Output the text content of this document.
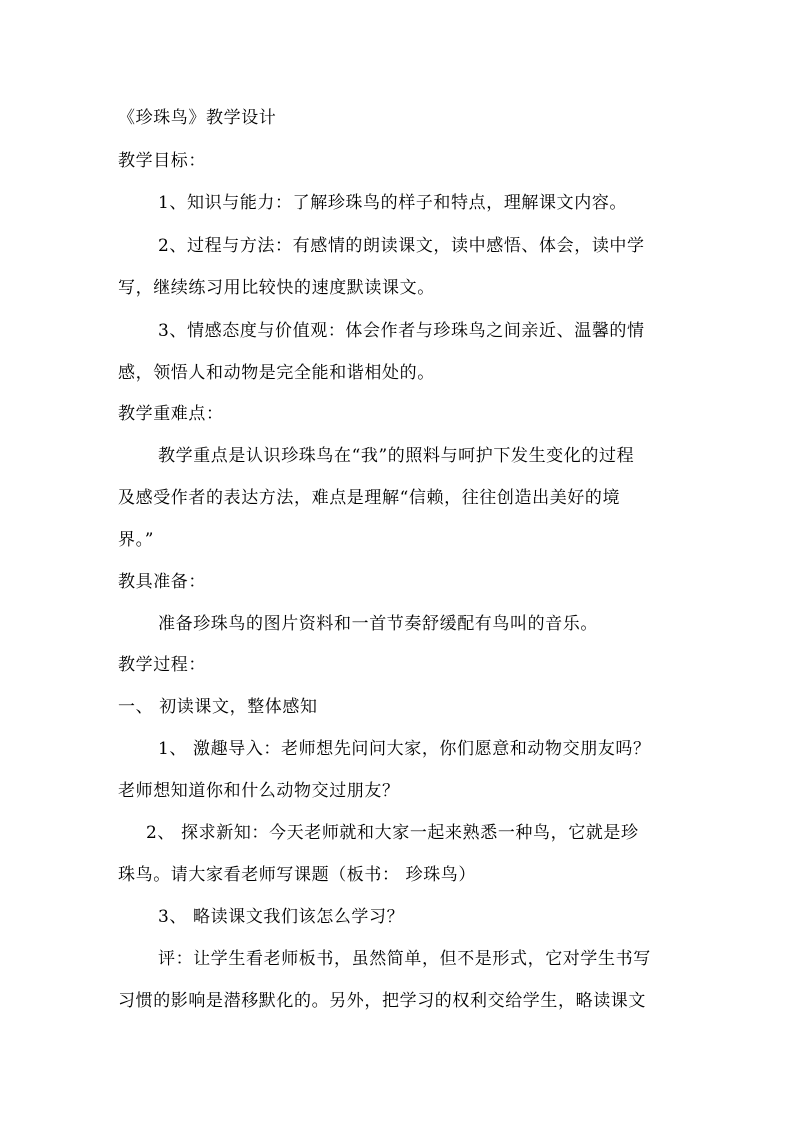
《珍珠鸟》教学设计
教学目标：
1、知识与能力：了解珍珠鸟的样子和特点，理解课文内容。
2、过程与方法：有感情的朗读课文，读中感悟、体会，读中学
写，继续练习用比较快的速度默读课文。
3、情感态度与价值观：体会作者与珍珠鸟之间亲近、温馨的情
感，领悟人和动物是完全能和谐相处的。
教学重难点：
教学重点是认识珍珠鸟在“我”的照料与呵护下发生变化的过程
及感受作者的表达方法，难点是理解“信赖，往往创造出美好的境
界。”
教具准备：
准备珍珠鸟的图片资料和一首节奏舒缓配有鸟叫的音乐。
教学过程：
一、 初读课文，整体感知
1、 激趣导入：老师想先问问大家，你们愿意和动物交朋友吗？
老师想知道你和什么动物交过朋友？
2、 探求新知：今天老师就和大家一起来熟悉一种鸟，它就是珍
珠鸟。请大家看老师写课题（板书： 珍珠鸟）
3、 略读课文我们该怎么学习？
评：让学生看老师板书，虽然简单，但不是形式，它对学生书写
习惯的影响是潜移默化的。另外，把学习的权利交给学生，略读课文
